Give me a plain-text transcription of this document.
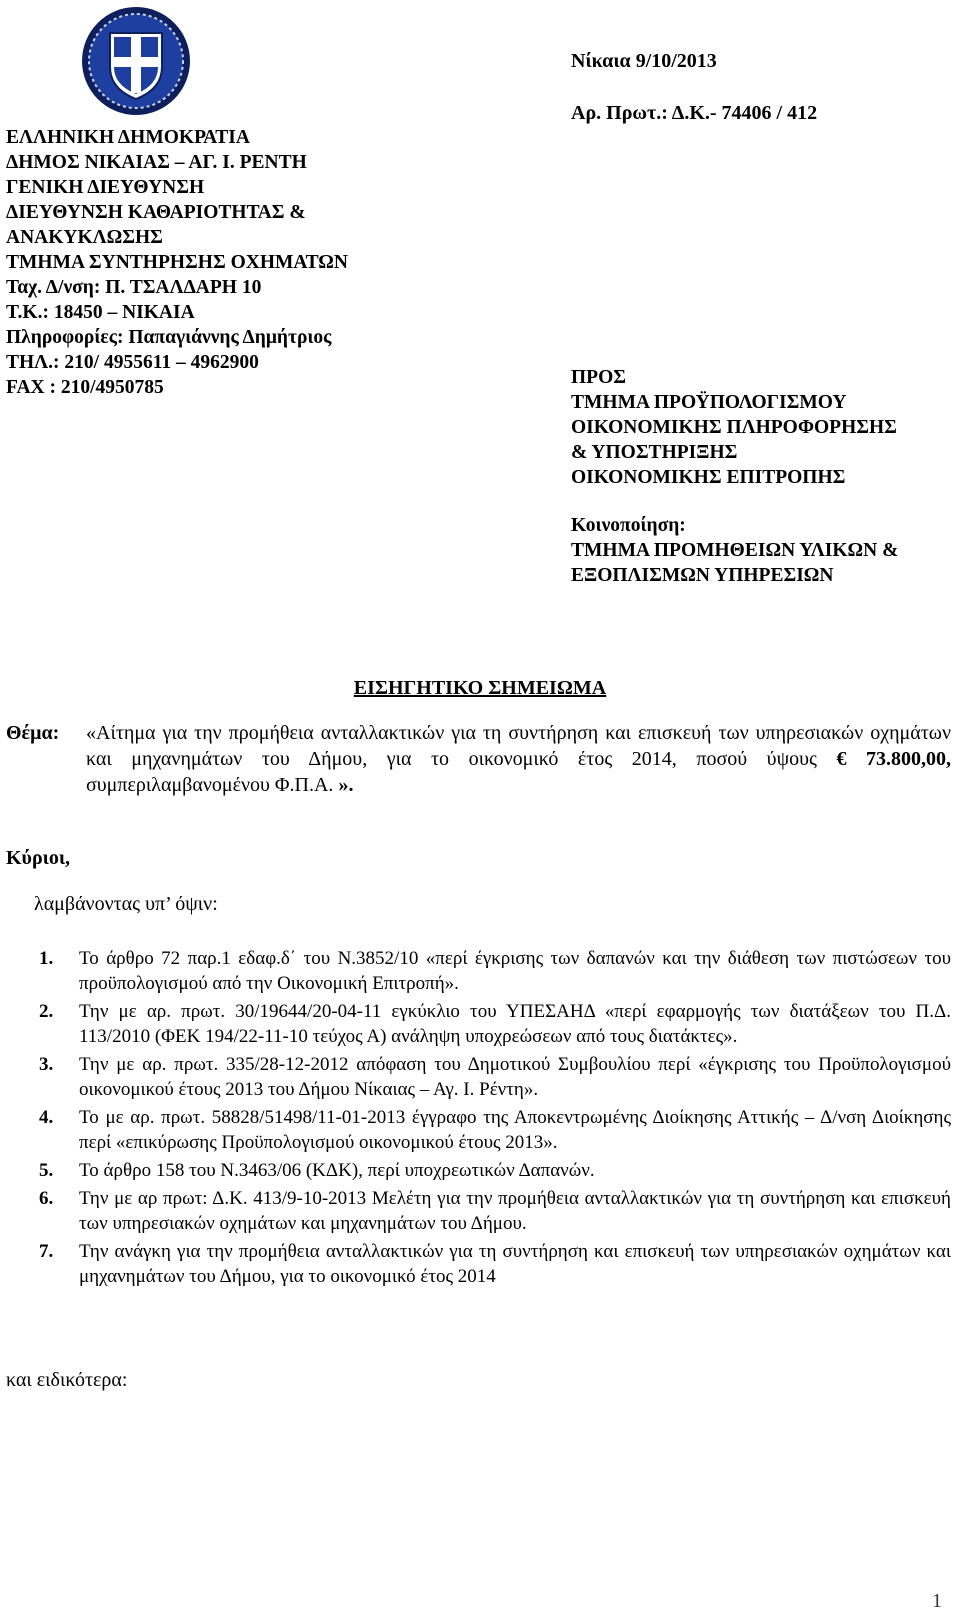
ΕΛΛΗΝΙΚΗ ΔΗΜΟΚΡΑΤΙΑ
ΔΗΜΟΣ ΝΙΚΑΙΑΣ – ΑΓ. Ι. ΡΕΝΤΗ
ΓΕΝΙΚΗ ΔΙΕΥΘΥΝΣΗ
ΔΙΕΥΘΥΝΣΗ ΚΑΘΑΡΙΟΤΗΤΑΣ &
ΑΝΑΚΥΚΛΩΣΗΣ
ΤΜΗΜΑ ΣΥΝΤΗΡΗΣΗΣ ΟΧΗΜΑΤΩΝ
Ταχ. Δ/νση: Π. ΤΣΑΛΔΑΡΗ 10
Τ.Κ.: 18450 – ΝΙΚΑΙΑ
Πληροφορίες: Παπαγιάννης Δημήτριος
ΤΗΛ.: 210/ 4955611 – 4962900
FAX : 210/4950785
Νίκαια 9/10/2013
Αρ. Πρωτ.: Δ.Κ.- 74406 / 412
ΠΡΟΣ
ΤΜΗΜΑ ΠΡΟΫΠΟΛΟΓΙΣΜΟΥ
ΟΙΚΟΝΟΜΙΚΗΣ ΠΛΗΡΟΦΟΡΗΣΗΣ
& ΥΠΟΣΤΗΡΙΞΗΣ
ΟΙΚΟΝΟΜΙΚΗΣ ΕΠΙΤΡΟΠΗΣ
Κοινοποίηση:
ΤΜΗΜΑ ΠΡΟΜΗΘΕΙΩΝ ΥΛΙΚΩΝ &
ΕΞΟΠΛΙΣΜΩΝ ΥΠΗΡΕΣΙΩΝ
ΕΙΣΗΓΗΤΙΚΟ ΣΗΜΕΙΩΜΑ
Θέμα: «Αίτημα για την προμήθεια ανταλλακτικών για τη συντήρηση και επισκευή των υπηρεσιακών οχημάτων και μηχανημάτων του Δήμου, για το οικονομικό έτος 2014, ποσού ύψους € 73.800,00, συμπεριλαμβανομένου Φ.Π.Α. ».
Κύριοι,
λαμβάνοντας υπ’ όψιν:
1. Το άρθρο 72 παρ.1 εδαφ.δ΄ του Ν.3852/10 «περί έγκρισης των δαπανών και την διάθεση των πιστώσεων του προϋπολογισμού από την Οικονομική Επιτροπή».
2. Την με αρ. πρωτ. 30/19644/20-04-11 εγκύκλιο του ΥΠΕΣΑΗΔ «περί εφαρμογής των διατάξεων του Π.Δ. 113/2010 (ΦΕΚ 194/22-11-10 τεύχος Α) ανάληψη υποχρεώσεων από τους διατάκτες».
3. Την με αρ. πρωτ. 335/28-12-2012 απόφαση του Δημοτικού Συμβουλίου περί «έγκρισης του Προϋπολογισμού οικονομικού έτους 2013 του Δήμου Νίκαιας – Αγ. Ι. Ρέντη».
4. Το με αρ. πρωτ. 58828/51498/11-01-2013 έγγραφο της Αποκεντρωμένης Διοίκησης Αττικής – Δ/νση Διοίκησης περί «επικύρωσης Προϋπολογισμού οικονομικού έτους 2013».
5. Το άρθρο 158 του Ν.3463/06 (ΚΔΚ), περί υποχρεωτικών Δαπανών.
6. Την με αρ πρωτ: Δ.Κ. 413/9-10-2013 Μελέτη για την προμήθεια ανταλλακτικών για τη συντήρηση και επισκευή των υπηρεσιακών οχημάτων και μηχανημάτων του Δήμου.
7. Την ανάγκη για την προμήθεια ανταλλακτικών για τη συντήρηση και επισκευή των υπηρεσιακών οχημάτων και μηχανημάτων του Δήμου, για το οικονομικό έτος 2014
και ειδικότερα:
1
